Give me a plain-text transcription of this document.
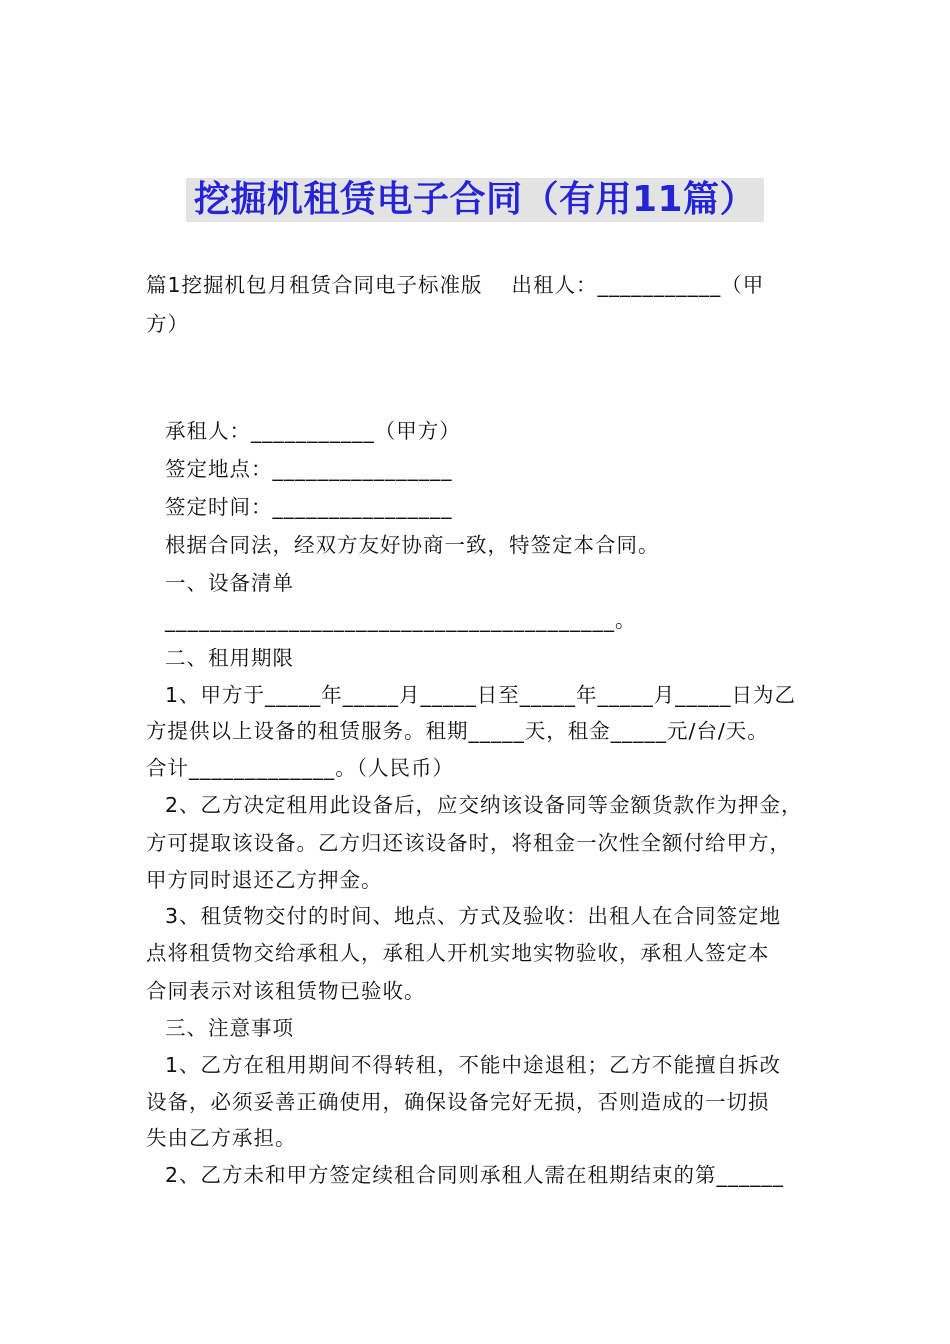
挖掘机租赁电子合同（有用11篇）
篇1挖掘机包月租赁合同电子标准版　 出租人：___________（甲
方）
承租人：___________（甲方）
签定地点：________________
签定时间：________________
根据合同法，经双方友好协商一致，特签定本合同。
一、设备清单
________________________________________。
二、租用期限
1、甲方于_____年_____月_____日至_____年_____月_____日为乙
方提供以上设备的租赁服务。租期_____天，租金_____元/台/天。
合计_____________。（人民币）
2、乙方决定租用此设备后，应交纳该设备同等金额货款作为押金，
方可提取该设备。乙方归还该设备时，将租金一次性全额付给甲方，
甲方同时退还乙方押金。
3、租赁物交付的时间、地点、方式及验收：出租人在合同签定地
点将租赁物交给承租人，承租人开机实地实物验收，承租人签定本
合同表示对该租赁物已验收。
三、注意事项
1、乙方在租用期间不得转租，不能中途退租；乙方不能擅自拆改
设备，必须妥善正确使用，确保设备完好无损，否则造成的一切损
失由乙方承担。
2、乙方未和甲方签定续租合同则承租人需在租期结束的第______
